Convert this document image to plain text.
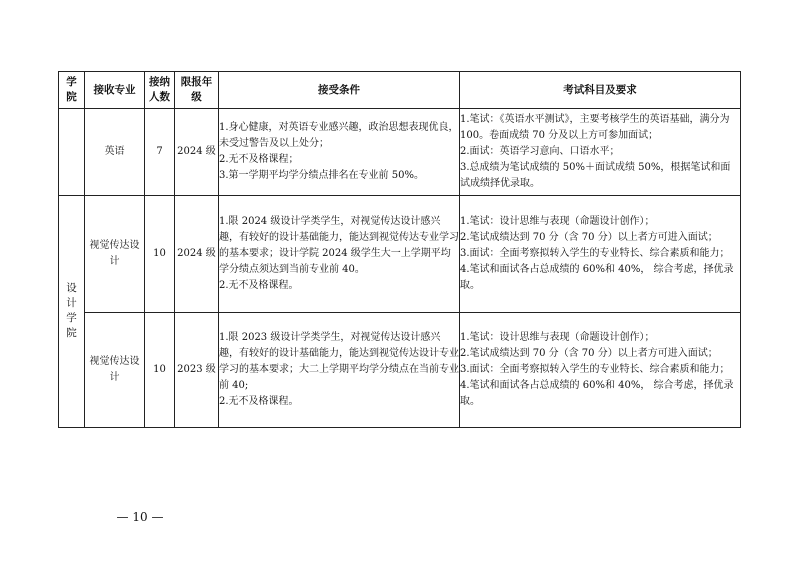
学院	接收专业	接纳人数	限报年级	接受条件	考试科目及要求
	英语	7	2024 级	1.身心健康，对英语专业感兴趣，政治思想表现优良，未受过警告及以上处分；
2.无不及格课程；
3.第一学期平均学分绩点排名在专业前 50%。	1.笔试：《英语水平测试》，主要考核学生的英语基础，满分为 100。卷面成绩 70 分及以上方可参加面试；
2.面试：英语学习意向、口语水平；
3.总成绩为笔试成绩的 50%＋面试成绩 50%，根据笔试和面试成绩择优录取。

设计学院	视觉传达设计	10	2024 级	1.限 2024 级设计学类学生，对视觉传达设计感兴趣，有较好的设计基础能力，能达到视觉传达专业学习的基本要求；设计学院 2024 级学生大一上学期平均学分绩点须达到当前专业前 40。
2.无不及格课程。	1.笔试：设计思维与表现（命题设计创作）；
2.笔试成绩达到 70 分（含 70 分）以上者方可进入面试；
3.面试：全面考察拟转入学生的专业特长、综合素质和能力；
4.笔试和面试各占总成绩的 60%和 40%， 综合考虑，择优录取。

	视觉传达设计	10	2023 级	1.限 2023 级设计学类学生，对视觉传达设计感兴趣，有较好的设计基础能力，能达到视觉传达设计专业学习的基本要求；大二上学期平均学分绩点在当前专业前 40;
2.无不及格课程。	1.笔试：设计思维与表现（命题设计创作）；
2.笔试成绩达到 70 分（含 70 分）以上者方可进入面试；
3.面试：全面考察拟转入学生的专业特长、综合素质和能力；
4.笔试和面试各占总成绩的 60%和 40%， 综合考虑，择优录取。
— 10 —
